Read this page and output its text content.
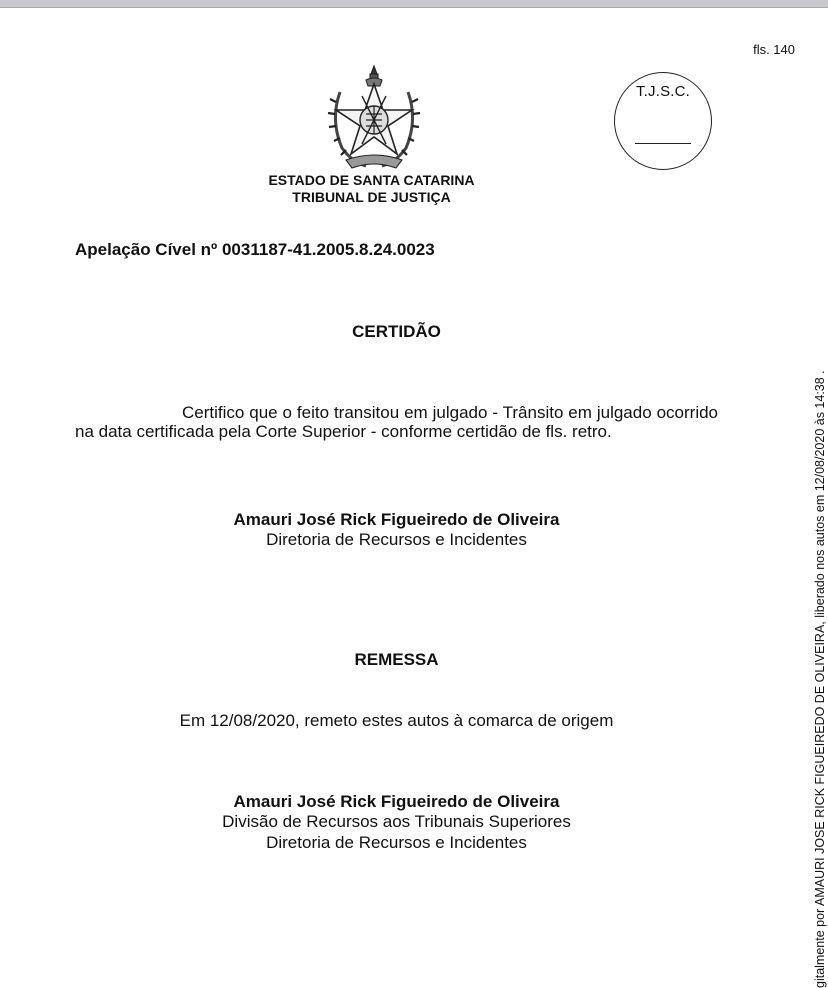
fls. 140
T.J.S.C.
ESTADO DE SANTA CATARINA
TRIBUNAL DE JUSTIÇA
Apelação Cível nº 0031187-41.2005.8.24.0023
CERTIDÃO
Certifico que o feito transitou em julgado - Trânsito em julgado ocorrido na data certificada pela Corte Superior - conforme certidão de fls. retro.
Amauri José Rick Figueiredo de Oliveira
Diretoria de Recursos e Incidentes
REMESSA
Em 12/08/2020, remeto estes autos à comarca de origem
Amauri José Rick Figueiredo de Oliveira
Divisão de Recursos aos Tribunais Superiores
Diretoria de Recursos e Incidentes	gitalmente por AMAURI JOSE RICK FIGUEIREDO DE OLIVEIRA, liberado nos autos em 12/08/2020 às 14:38 .
